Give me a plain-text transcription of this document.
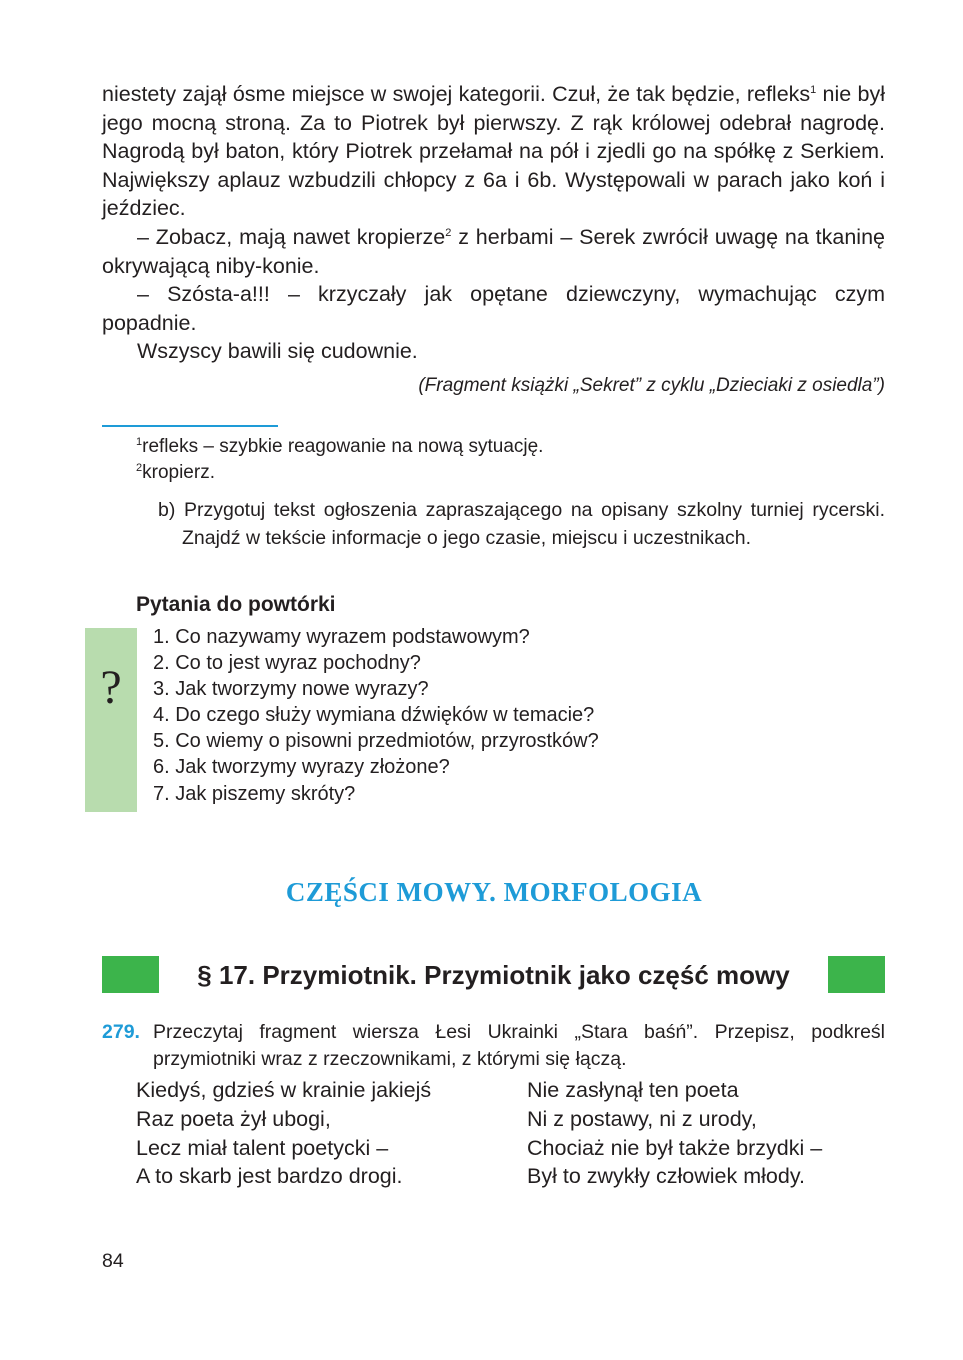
niestety zajął ósme miejsce w swojej kategorii. Czuł, że tak będzie, refleks$^1$ nie był jego mocną stroną. Za to Piotrek był pierwszy. Z rąk królowej odebrał nagrodę. Nagrodą był baton, który Piotrek przełamał na pół i zjedli go na spółkę z Serkiem. Największy aplauz wzbudzili chłopcy z 6a i 6b. Występowali w parach jako koń i jeździec.

– Zobacz, mają nawet kropierze$^2$ z herbami – Serek zwrócił uwagę na tkaninę okrywającą niby-konie.

– Szósta-a!!! – krzyczały jak opętane dziewczyny, wymachując czym popadnie.

Wszyscy bawili się cudownie.

(Fragment książki „Sekret” z cyklu „Dzieciaki z osiedla”)
$^1$refleks – szybkie reagowanie na nową sytuację.
$^2$kropierz.

b) Przygotuj tekst ogłoszenia zapraszającego na opisany szkolny turniej rycerski. Znajdź w tekście informacje o jego czasie, miejscu i uczestnikach.

Pytania do powtórki
?
1. Co nazywamy wyrazem podstawowym?
2. Co to jest wyraz pochodny?
3. Jak tworzymy nowe wyrazy?
4. Do czego służy wymiana dźwięków w temacie?
5. Co wiemy o pisowni przedmiotów, przyrostków?
6. Jak tworzymy wyrazy złożone?
7. Jak piszemy skróty?
CZĘŚCI MOWY. MORFOLOGIA
§ 17. Przymiotnik. Przymiotnik jako część mowy
279. Przeczytaj fragment wiersza Łesi Ukrainki „Stara baśń”. Przepisz, podkreśl przymiotniki wraz z rzeczownikami, z którymi się łączą.
Kiedyś, gdzieś w krainie jakiejś
Raz poeta żył ubogi,
Lecz miał talent poetycki –
A to skarb jest bardzo drogi.
Nie zasłynął ten poeta
Ni z postawy, ni z urody,
Chociaż nie był także brzydki –
Był to zwykły człowiek młody.
84
